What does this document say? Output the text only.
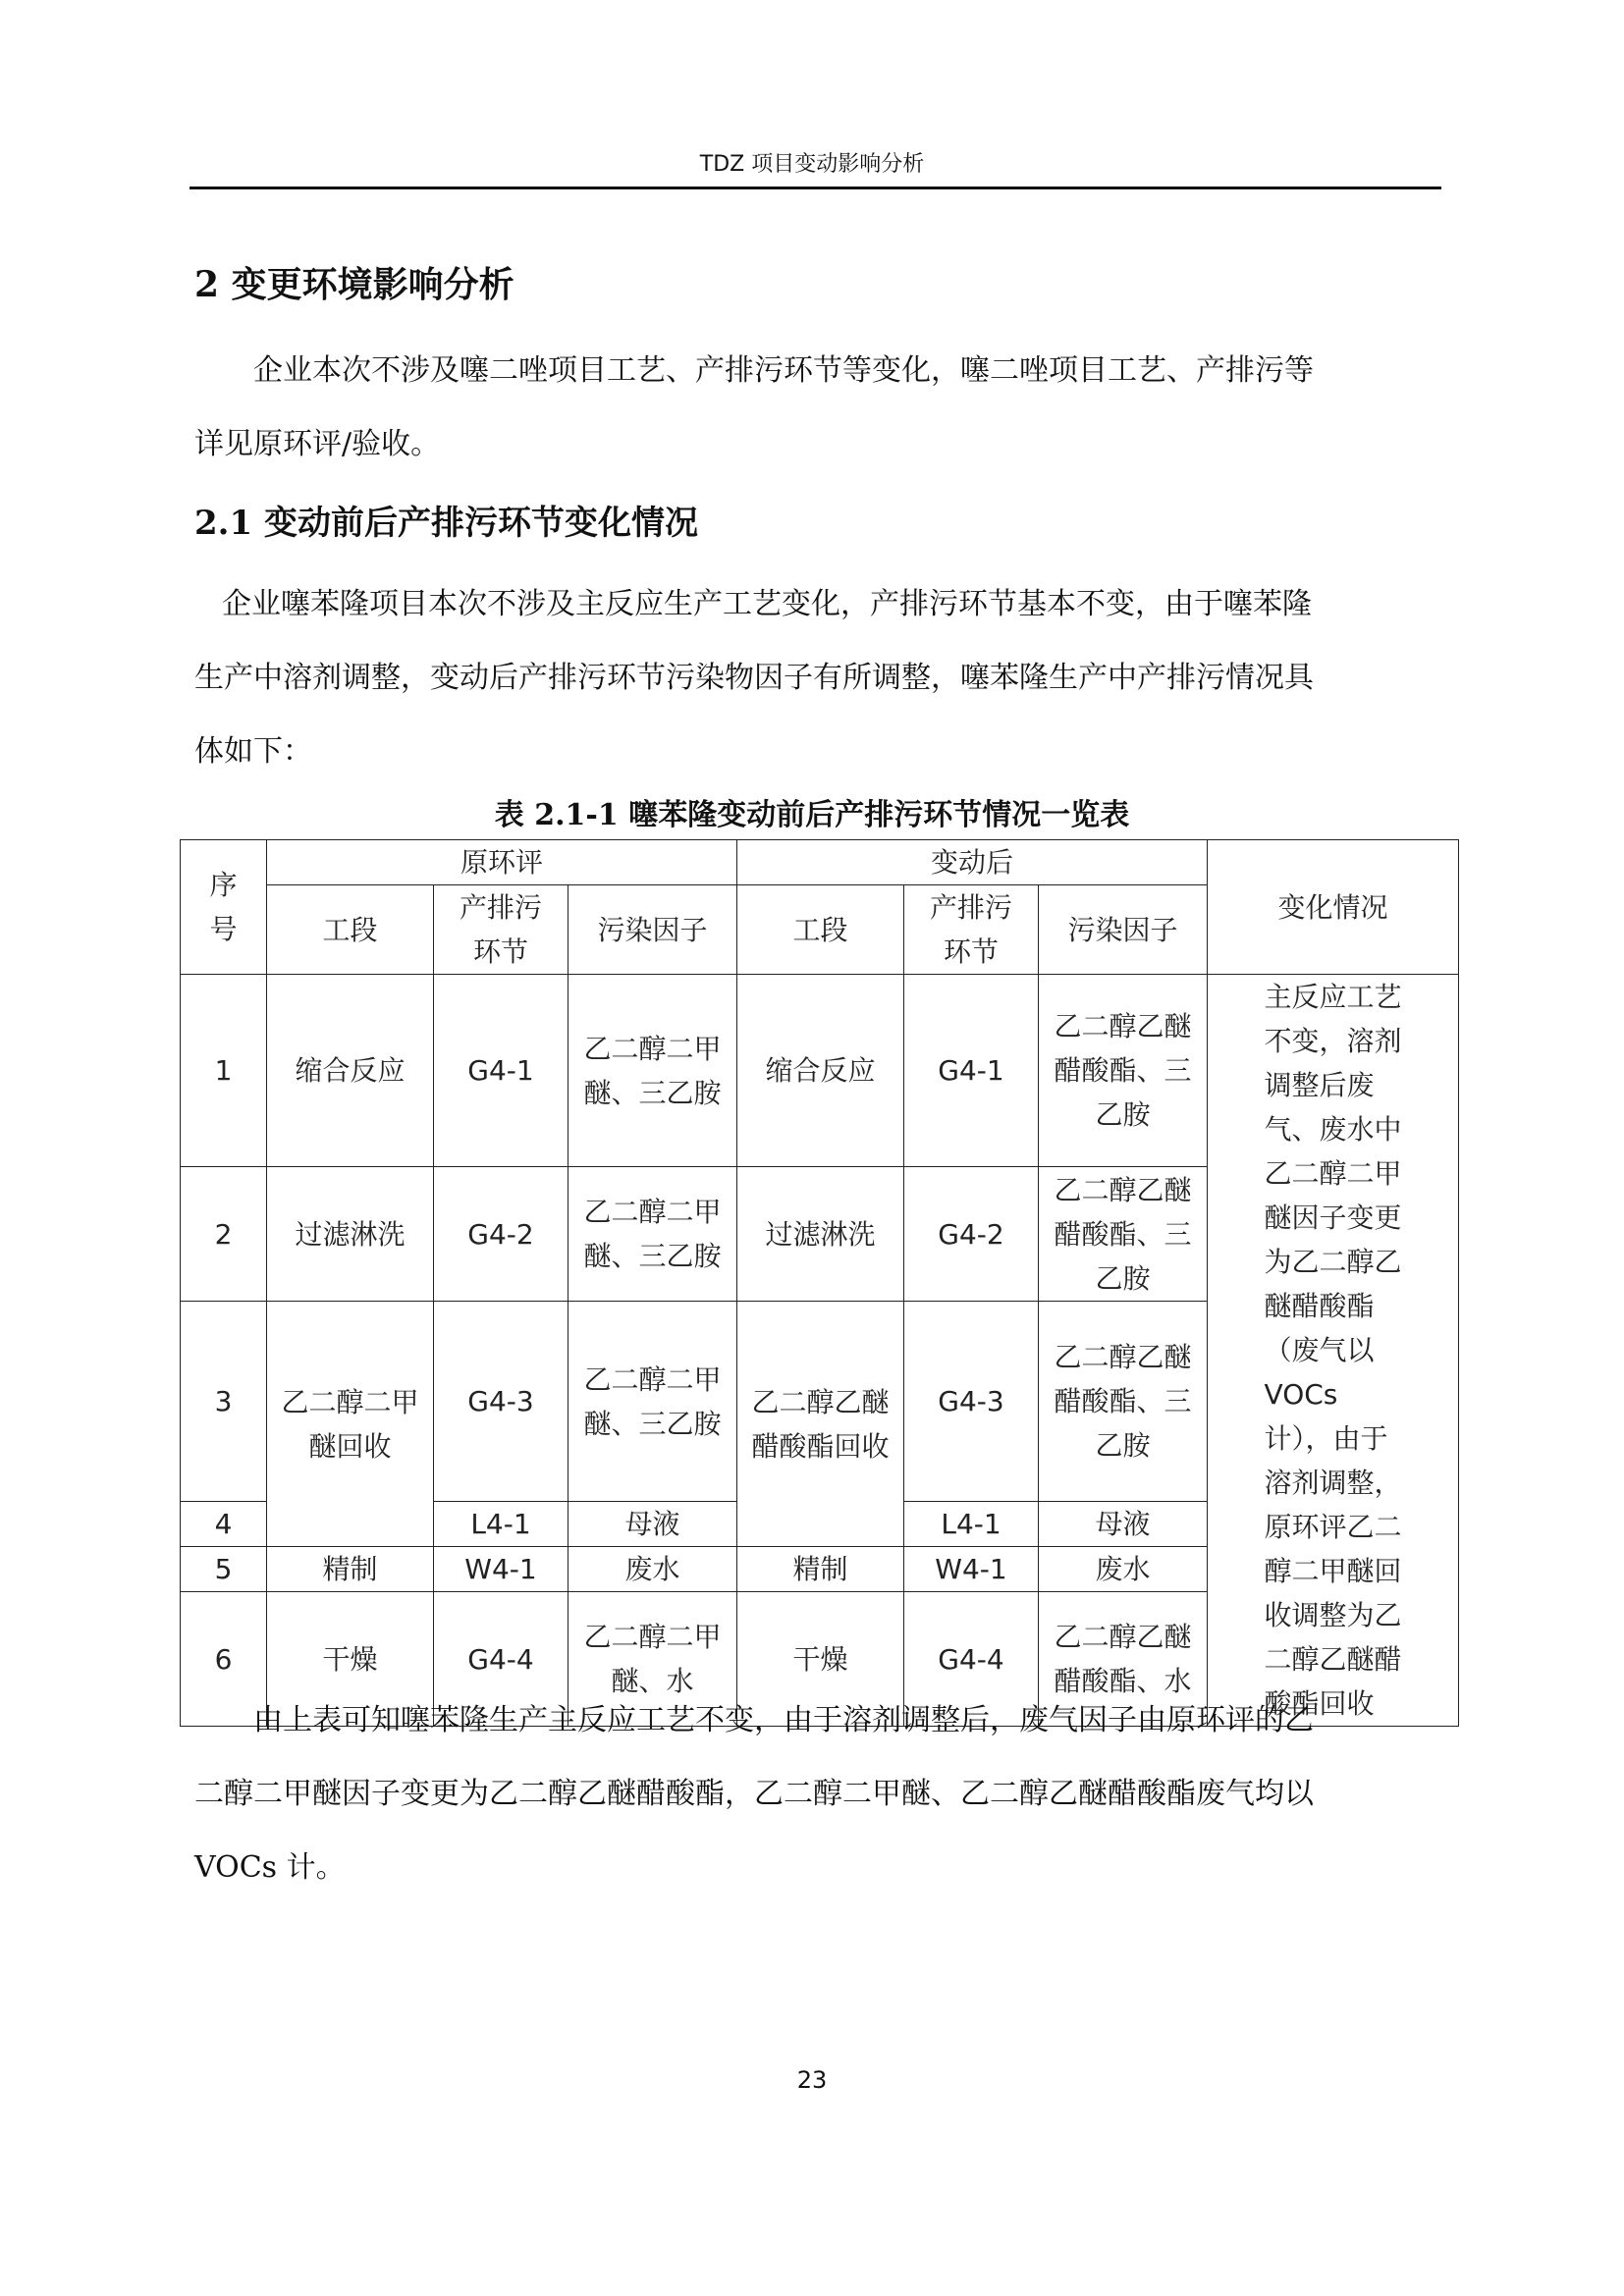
TDZ 项目变动影响分析
2 变更环境影响分析
企业本次不涉及噻二唑项目工艺、产排污环节等变化，噻二唑项目工艺、产排污等
详见原环评/验收。
2.1 变动前后产排污环节变化情况
企业噻苯隆项目本次不涉及主反应生产工艺变化，产排污环节基本不变，由于噻苯隆
生产中溶剂调整，变动后产排污环节污染物因子有所调整，噻苯隆生产中产排污情况具
体如下：
表 2.1-1 噻苯隆变动前后产排污环节情况一览表
序号	原环评			变动后			变化情况
	工段	产排污环节	污染因子	工段	产排污环节	污染因子	
1	缩合反应	G4-1	乙二醇二甲醚、三乙胺	缩合反应	G4-1	乙二醇乙醚醋酸酯、三乙胺	主反应工艺不变，溶剂调整后废气、废水中乙二醇二甲醚因子变更为乙二醇乙醚醋酸酯（废气以 VOCs 计），由于溶剂调整，原环评乙二醇二甲醚回收调整为乙二醇乙醚醋酸酯回收

2	过滤淋洗	G4-2	乙二醇二甲醚、三乙胺	过滤淋洗	G4-2	乙二醇乙醚醋酸酯、三乙胺	

3	乙二醇二甲醚回收	G4-3	乙二醇二甲醚、三乙胺	乙二醇乙醚醋酸酯回收	G4-3	乙二醇乙醚醋酸酯、三乙胺	

4		L4-1	母液		L4-1	母液	
5	精制	W4-1	废水	精制	W4-1	废水	
6	干燥	G4-4	乙二醇二甲醚、水	干燥	G4-4	乙二醇乙醚醋酸酯、水	
由上表可知噻苯隆生产主反应工艺不变，由于溶剂调整后，废气因子由原环评的乙
二醇二甲醚因子变更为乙二醇乙醚醋酸酯，乙二醇二甲醚、乙二醇乙醚醋酸酯废气均以
VOCs 计。
23
